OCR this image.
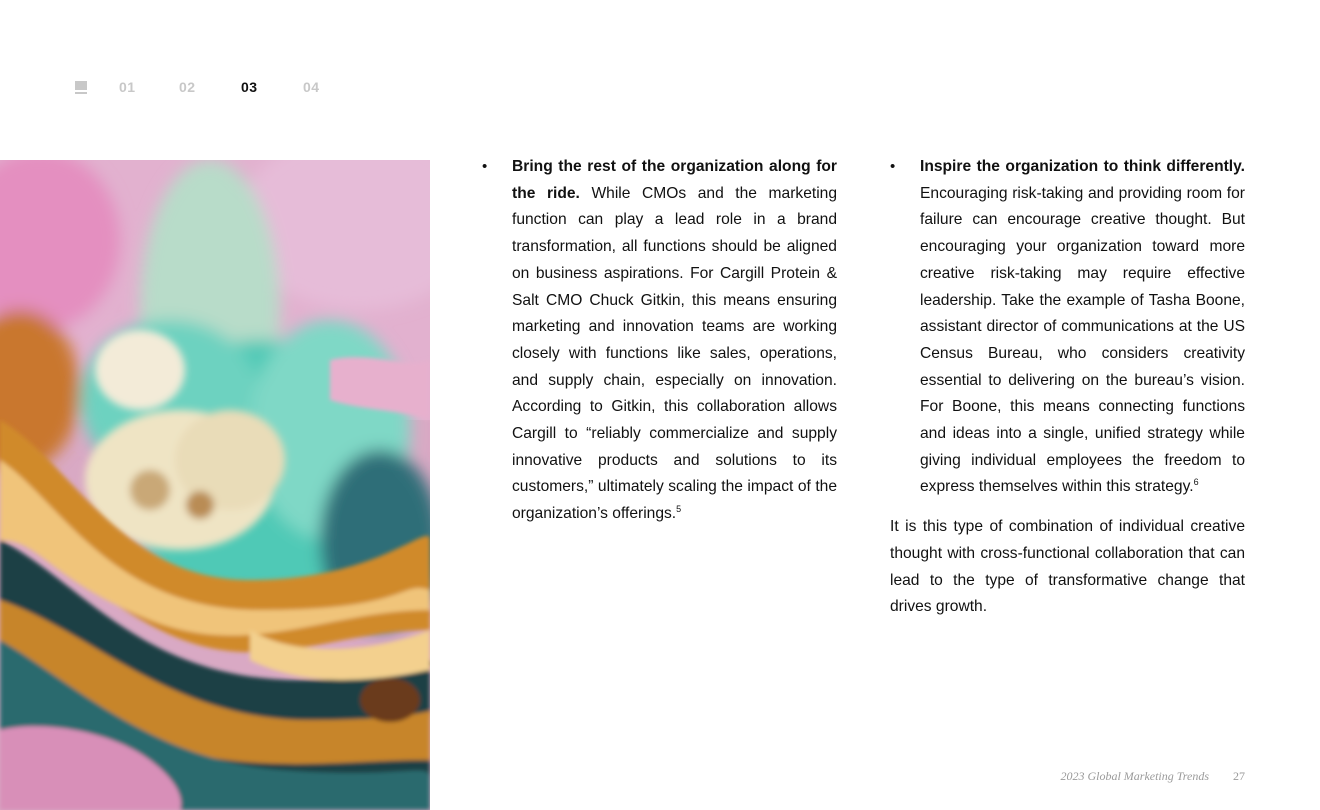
01	02	03	04
• Bring the rest of the organization along for the ride. While CMOs and the marketing function can play a lead role in a brand transformation, all functions should be aligned on business aspirations. For Cargill Protein & Salt CMO Chuck Gitkin, this means ensuring marketing and innovation teams are working closely with functions like sales, operations, and supply chain, especially on innovation. According to Gitkin, this collaboration allows Cargill to “reliably commercialize and supply innovative products and solutions to its customers,” ultimately scaling the impact of the organization’s offerings.$^5$

• Inspire the organization to think differently. Encouraging risk-taking and providing room for failure can encourage creative thought. But encouraging your organization toward more creative risk-taking may require effective leadership. Take the example of Tasha Boone, assistant director of communications at the US Census Bureau, who considers creativity essential to delivering on the bureau’s vision. For Boone, this means connecting functions and ideas into a single, unified strategy while giving individual employees the freedom to express themselves within this strategy.$^6$

It is this type of combination of individual creative thought with cross-functional collaboration that can lead to the type of transformative change that drives growth.

2023 Global Marketing Trends 27
